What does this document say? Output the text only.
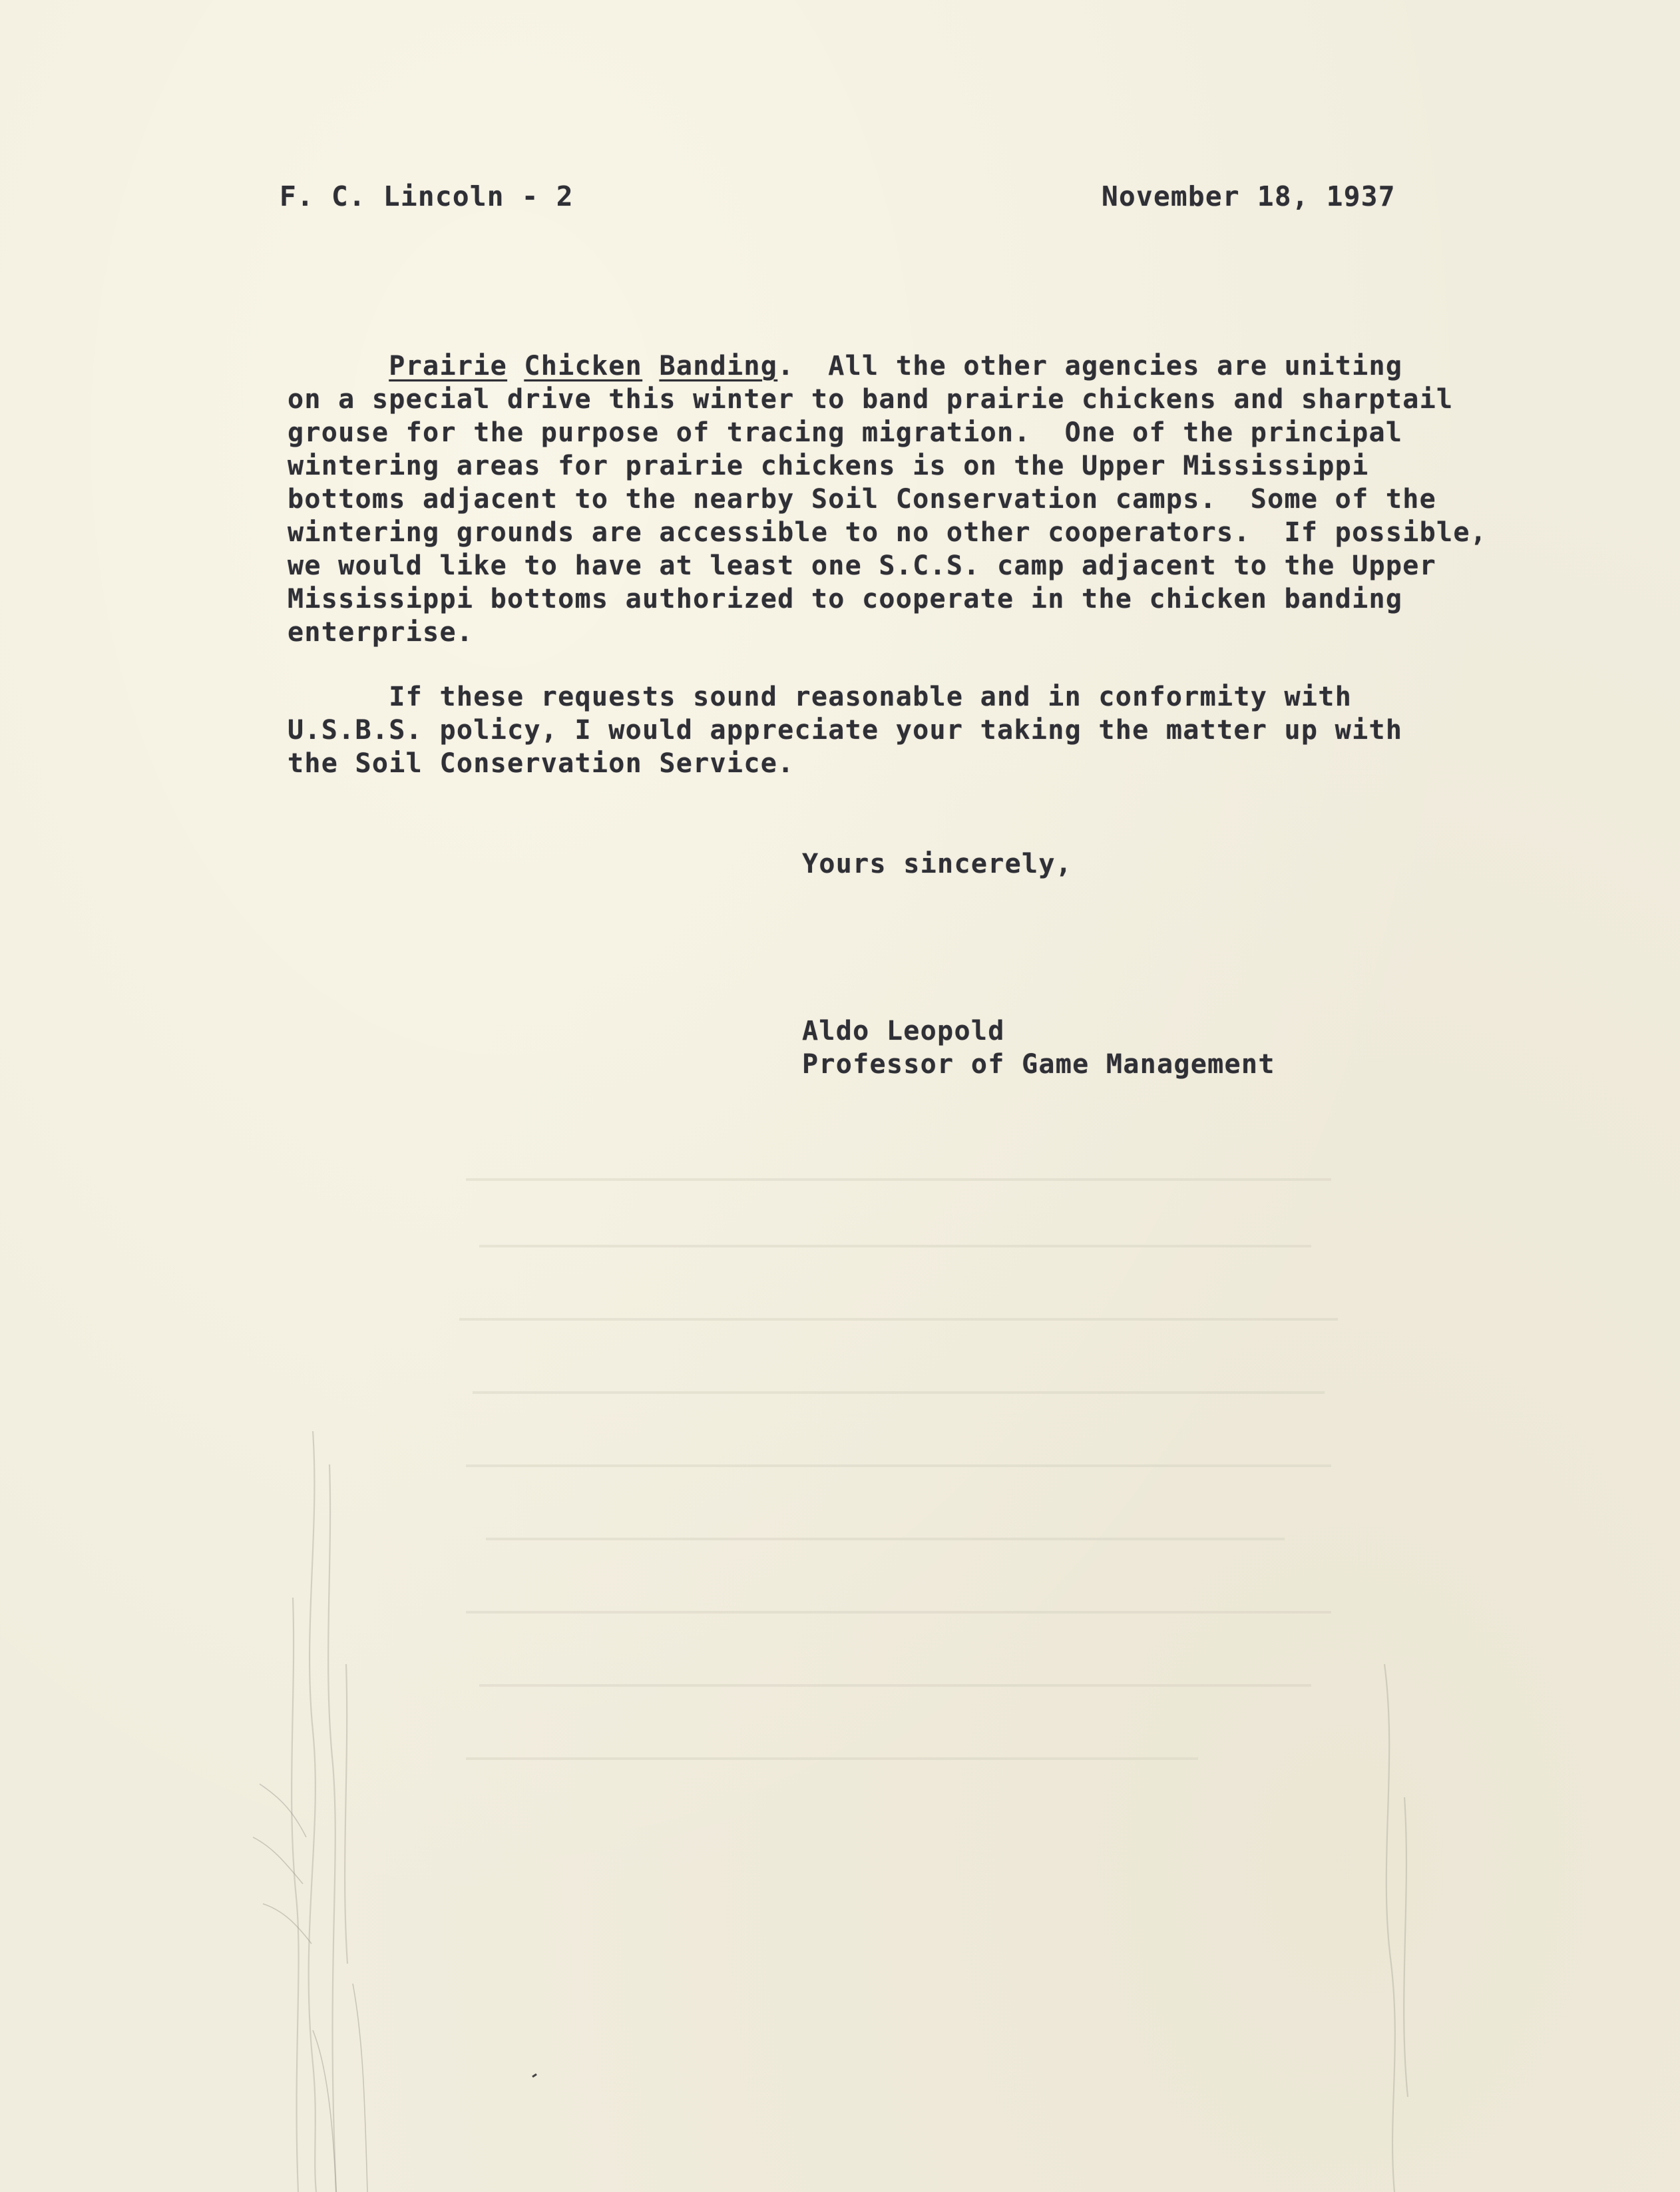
F. C. Lincoln - 2	November 18, 1937
Prairie Chicken Banding.  All the other agencies are uniting
on a special drive this winter to band prairie chickens and sharptail
grouse for the purpose of tracing migration.  One of the principal
wintering areas for prairie chickens is on the Upper Mississippi
bottoms adjacent to the nearby Soil Conservation camps.  Some of the
wintering grounds are accessible to no other cooperators.  If possible,
we would like to have at least one S.C.S. camp adjacent to the Upper
Mississippi bottoms authorized to cooperate in the chicken banding
enterprise.
If these requests sound reasonable and in conformity with
U.S.B.S. policy, I would appreciate your taking the matter up with
the Soil Conservation Service.
Yours sincerely,
Aldo Leopold
Professor of Game Management
